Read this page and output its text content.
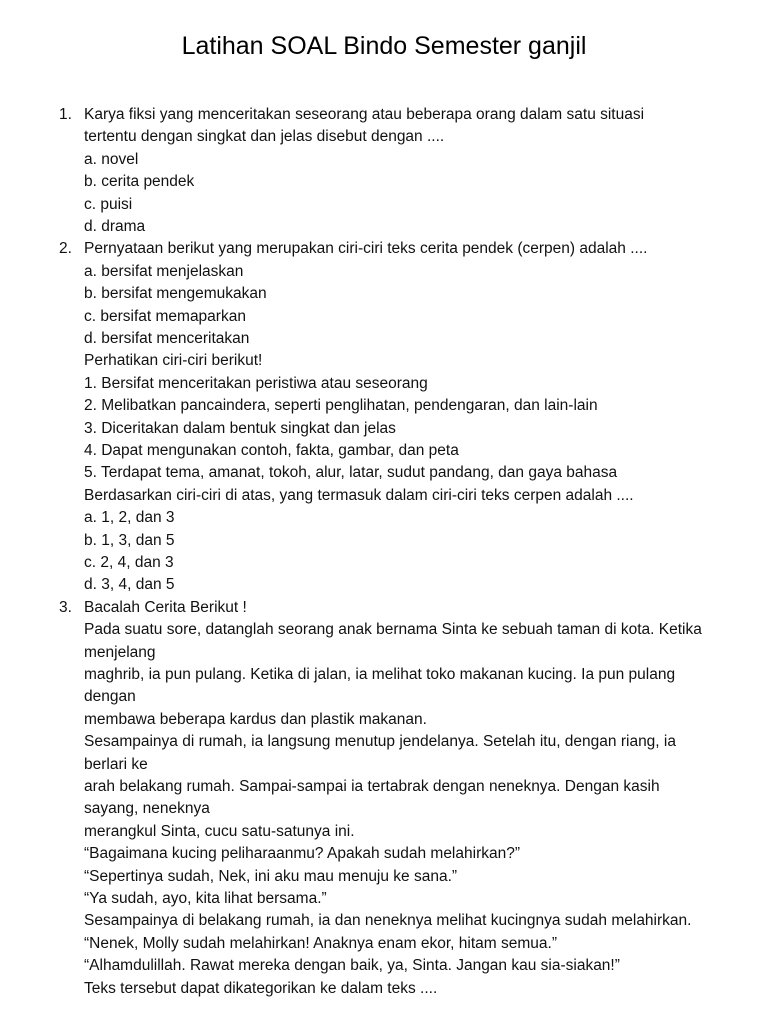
Latihan SOAL Bindo Semester ganjil
1. Karya fiksi yang menceritakan seseorang atau beberapa orang dalam satu situasi
tertentu dengan singkat dan jelas disebut dengan ....
a. novel
b. cerita pendek
c. puisi
d. drama
2. Pernyataan berikut yang merupakan ciri-ciri teks cerita pendek (cerpen) adalah ....
a. bersifat menjelaskan
b. bersifat mengemukakan
c. bersifat memaparkan
d. bersifat menceritakan
Perhatikan ciri-ciri berikut!
1. Bersifat menceritakan peristiwa atau seseorang
2. Melibatkan pancaindera, seperti penglihatan, pendengaran, dan lain-lain
3. Diceritakan dalam bentuk singkat dan jelas
4. Dapat mengunakan contoh, fakta, gambar, dan peta
5. Terdapat tema, amanat, tokoh, alur, latar, sudut pandang, dan gaya bahasa
Berdasarkan ciri-ciri di atas, yang termasuk dalam ciri-ciri teks cerpen adalah ....
a. 1, 2, dan 3
b. 1, 3, dan 5
c. 2, 4, dan 3
d. 3, 4, dan 5
3. Bacalah Cerita Berikut !
Pada suatu sore, datanglah seorang anak bernama Sinta ke sebuah taman di kota. Ketika
menjelang
maghrib, ia pun pulang. Ketika di jalan, ia melihat toko makanan kucing. Ia pun pulang
dengan
membawa beberapa kardus dan plastik makanan.
Sesampainya di rumah, ia langsung menutup jendelanya. Setelah itu, dengan riang, ia
berlari ke
arah belakang rumah. Sampai-sampai ia tertabrak dengan neneknya. Dengan kasih
sayang, neneknya
merangkul Sinta, cucu satu-satunya ini.
“Bagaimana kucing peliharaanmu? Apakah sudah melahirkan?”
“Sepertinya sudah, Nek, ini aku mau menuju ke sana.”
“Ya sudah, ayo, kita lihat bersama.”
Sesampainya di belakang rumah, ia dan neneknya melihat kucingnya sudah melahirkan.
“Nenek, Molly sudah melahirkan! Anaknya enam ekor, hitam semua.”
“Alhamdulillah. Rawat mereka dengan baik, ya, Sinta. Jangan kau sia-siakan!”
Teks tersebut dapat dikategorikan ke dalam teks ....
